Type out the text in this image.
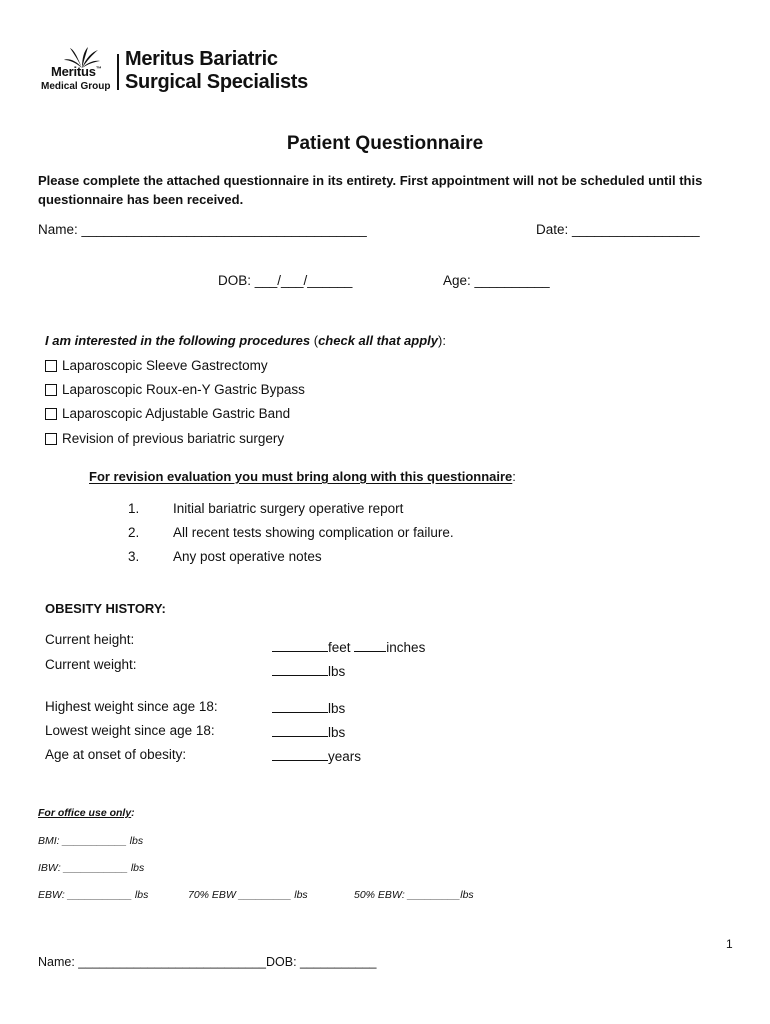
Meritus™
Medical Group
Meritus Bariatric
Surgical Specialists
Patient Questionnaire
Please complete the attached questionnaire in its entirety. First appointment will not be scheduled until this questionnaire has been received.
Name: ______________________________________	Date: _________________
DOB: ___/___/______	Age: __________
I am interested in the following procedures (check all that apply):
Laparoscopic Sleeve Gastrectomy
Laparoscopic Roux-en-Y Gastric Bypass
Laparoscopic Adjustable Gastric Band
Revision of previous bariatric surgery
For revision evaluation you must bring along with this questionnaire:
1. Initial bariatric surgery operative report
2. All recent tests showing complication or failure.
3. Any post operative notes
OBESITY HISTORY:
Current height:
feet	inches
Current weight:	lbs
Highest weight since age 18:	lbs
Lowest weight since age 18:	lbs
Age at onset of obesity:	years
For office use only:
BMI: ___________ lbs
IBW: ___________ lbs
EBW: ___________ lbs	70% EBW _________ lbs	50% EBW: _________lbs
1
Name: ___________________________ DOB: ___________
